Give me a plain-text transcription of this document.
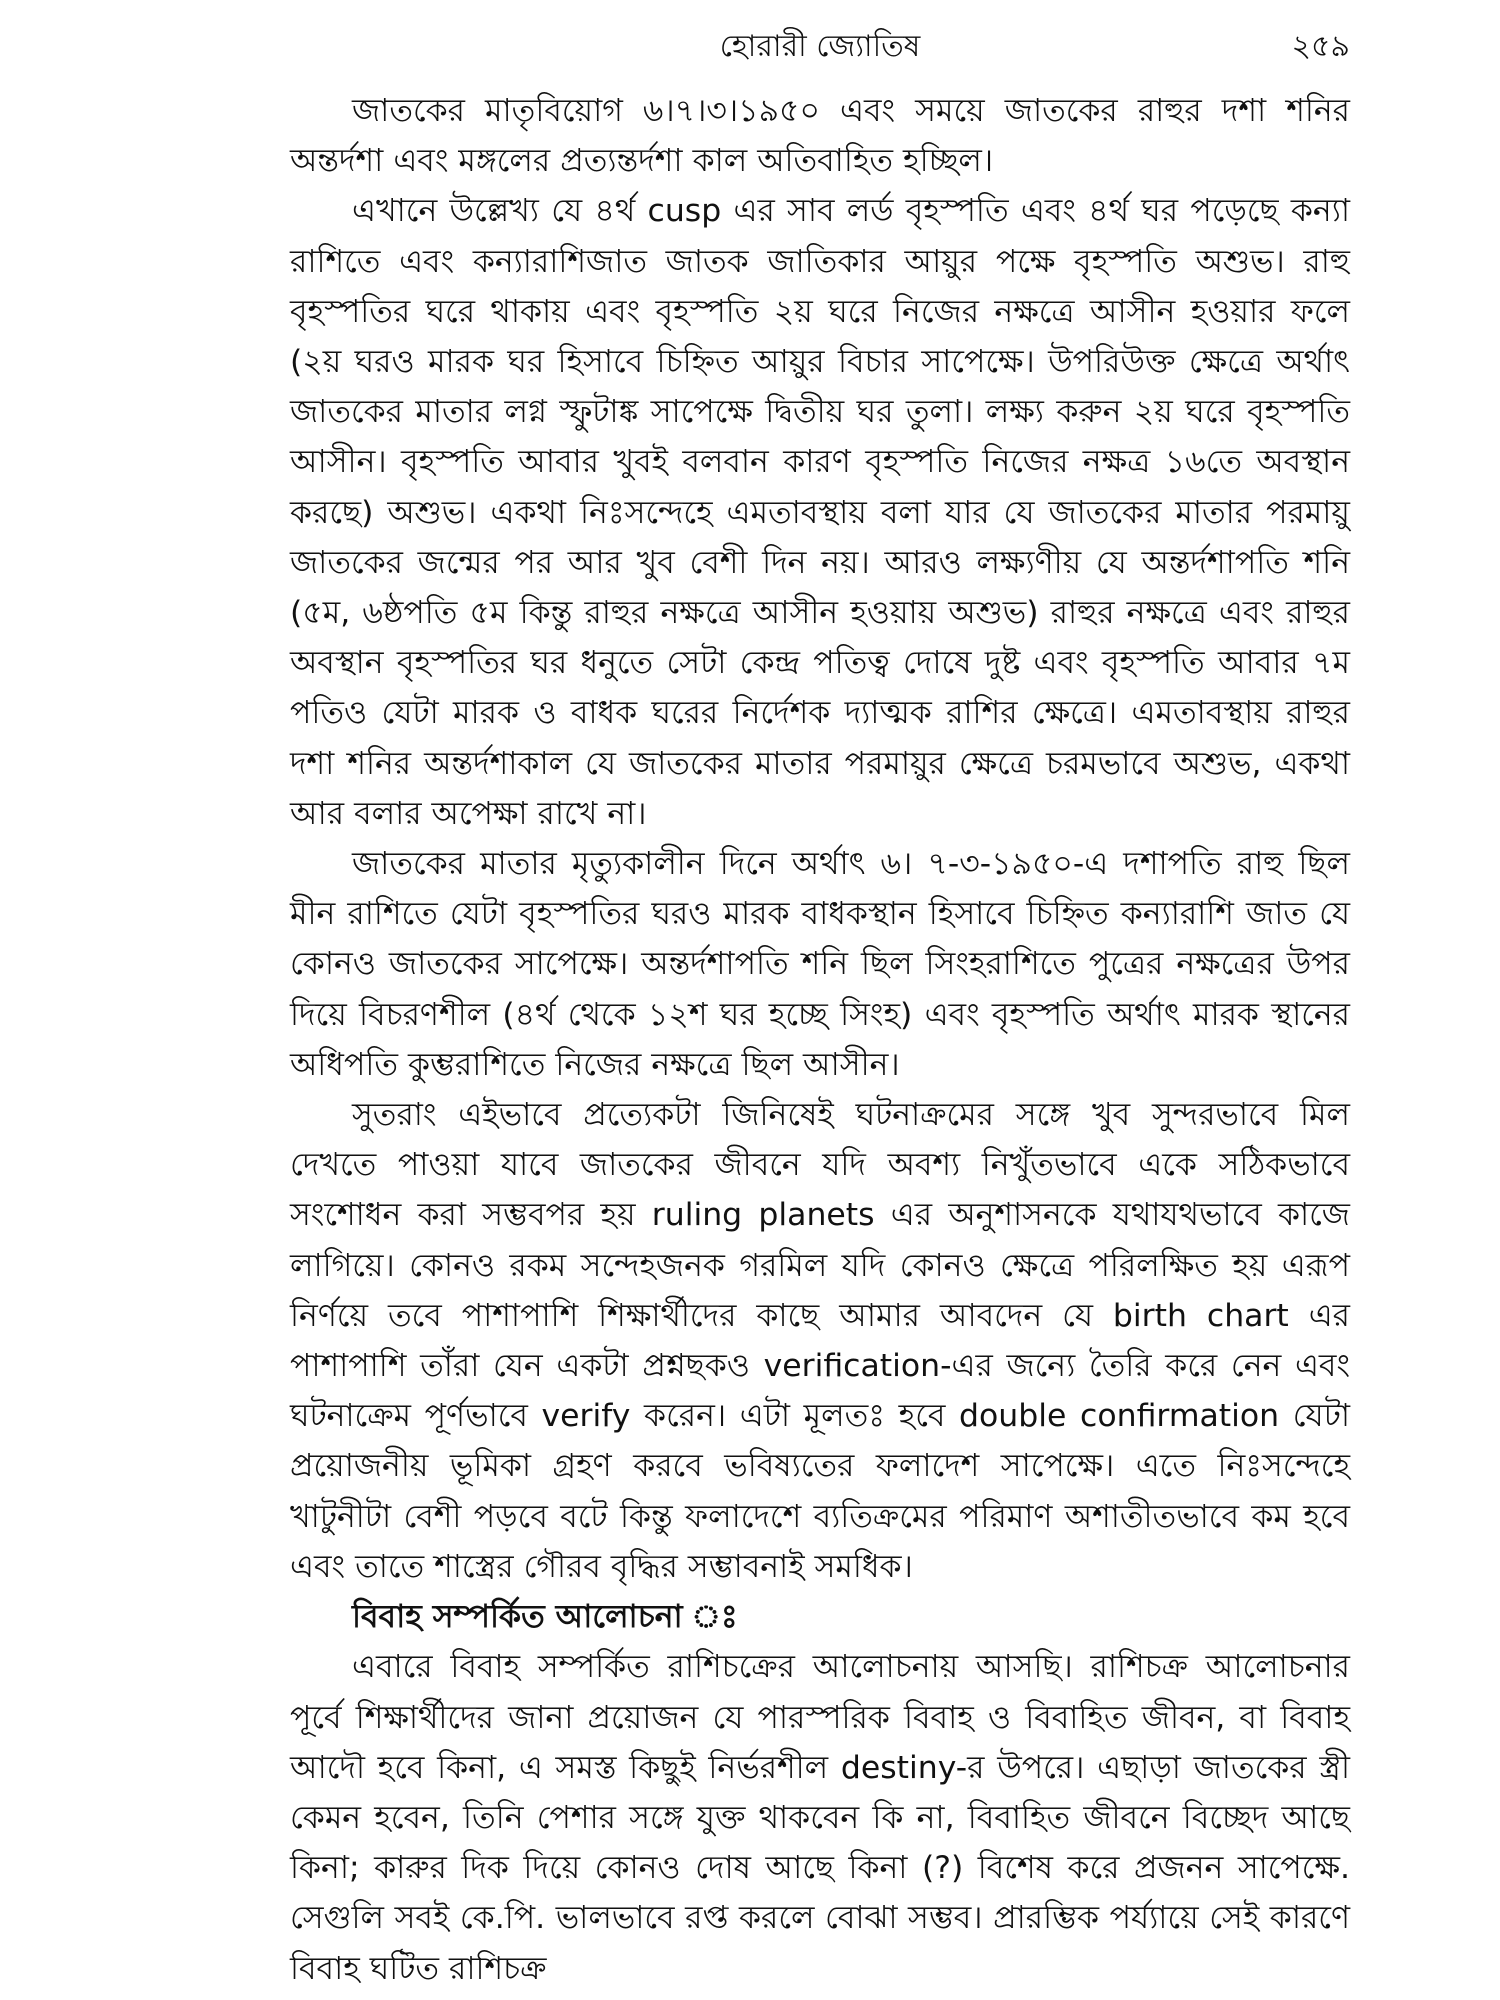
হোরারী জ্যোতিষ	২৫৯

জাতকের মাতৃবিয়োগ ৬।৭।৩।১৯৫০ এবং সময়ে জাতকের রাহুর দশা শনির অন্তর্দশা এবং মঙ্গলের প্রত্যন্তর্দশা কাল অতিবাহিত হচ্ছিল।

এখানে উল্লেখ্য যে ৪র্থ cusp এর সাব লর্ড বৃহস্পতি এবং ৪র্থ ঘর পড়েছে কন্যা রাশিতে এবং কন্যারাশিজাত জাতক জাতিকার আয়ুর পক্ষে বৃহস্পতি অশুভ। রাহু বৃহস্পতির ঘরে থাকায় এবং বৃহস্পতি ২য় ঘরে নিজের নক্ষত্রে আসীন হওয়ার ফলে (২য় ঘরও মারক ঘর হিসাবে চিহ্নিত আয়ুর বিচার সাপেক্ষে। উপরিউক্ত ক্ষেত্রে অর্থাৎ জাতকের মাতার লগ্ন স্ফুটাঙ্ক সাপেক্ষে দ্বিতীয় ঘর তুলা। লক্ষ্য করুন ২য় ঘরে বৃহস্পতি আসীন। বৃহস্পতি আবার খুবই বলবান কারণ বৃহস্পতি নিজের নক্ষত্র ১৬তে অবস্থান করছে) অশুভ। একথা নিঃসন্দেহে এমতাবস্থায় বলা যার যে জাতকের মাতার পরমায়ু জাতকের জন্মের পর আর খুব বেশী দিন নয়। আরও লক্ষ্যণীয় যে অন্তর্দশাপতি শনি (৫ম, ৬ষ্ঠপতি ৫ম কিন্তু রাহুর নক্ষত্রে আসীন হওয়ায় অশুভ) রাহুর নক্ষত্রে এবং রাহুর অবস্থান বৃহস্পতির ঘর ধনুতে সেটা কেন্দ্র পতিত্ব দোষে দুষ্ট এবং বৃহস্পতি আবার ৭ম পতিও যেটা মারক ও বাধক ঘরের নির্দেশক দ্যাত্মক রাশির ক্ষেত্রে। এমতাবস্থায় রাহুর দশা শনির অন্তর্দশাকাল যে জাতকের মাতার পরমায়ুর ক্ষেত্রে চরমভাবে অশুভ, একথা আর বলার অপেক্ষা রাখে না।

জাতকের মাতার মৃত্যুকালীন দিনে অর্থাৎ ৬। ৭-৩-১৯৫০-এ দশাপতি রাহু ছিল মীন রাশিতে যেটা বৃহস্পতির ঘরও মারক বাধকস্থান হিসাবে চিহ্নিত কন্যারাশি জাত যে কোনও জাতকের সাপেক্ষে। অন্তর্দশাপতি শনি ছিল সিংহরাশিতে পুত্রের নক্ষত্রের উপর দিয়ে বিচরণশীল (৪র্থ থেকে ১২শ ঘর হচ্ছে সিংহ) এবং বৃহস্পতি অর্থাৎ মারক স্থানের অধিপতি কুম্ভরাশিতে নিজের নক্ষত্রে ছিল আসীন।

সুতরাং এইভাবে প্রত্যেকটা জিনিষেই ঘটনাক্রমের সঙ্গে খুব সুন্দরভাবে মিল দেখতে পাওয়া যাবে জাতকের জীবনে যদি অবশ্য নিখুঁতভাবে একে সঠিকভাবে সংশোধন করা সম্ভবপর হয় ruling planets এর অনুশাসনকে যথাযথভাবে কাজে লাগিয়ে। কোনও রকম সন্দেহজনক গরমিল যদি কোনও ক্ষেত্রে পরিলক্ষিত হয় এরূপ নির্ণয়ে তবে পাশাপাশি শিক্ষার্থীদের কাছে আমার আবদেন যে birth chart এর পাশাপাশি তাঁরা যেন একটা প্রশ্নছকও verification-এর জন্যে তৈরি করে নেন এবং ঘটনাক্রেম পূর্ণভাবে verify করেন। এটা মূলতঃ হবে double confirmation যেটা প্রয়োজনীয় ভূমিকা গ্রহণ করবে ভবিষ্যতের ফলাদেশ সাপেক্ষে। এতে নিঃসন্দেহে খাটুনীটা বেশী পড়বে বটে কিন্তু ফলাদেশে ব্যতিক্রমের পরিমাণ অশাতীতভাবে কম হবে এবং তাতে শাস্ত্রের গৌরব বৃদ্ধির সম্ভাবনাই সমধিক।

বিবাহ সম্পর্কিত আলোচনা ঃ

এবারে বিবাহ সম্পর্কিত রাশিচক্রের আলোচনায় আসছি। রাশিচক্র আলোচনার পূর্বে শিক্ষার্থীদের জানা প্রয়োজন যে পারস্পরিক বিবাহ ও বিবাহিত জীবন, বা বিবাহ আদৌ হবে কিনা, এ সমস্ত কিছুই নির্ভরশীল destiny-র উপরে। এছাড়া জাতকের স্ত্রী কেমন হবেন, তিনি পেশার সঙ্গে যুক্ত থাকবেন কি না, বিবাহিত জীবনে বিচ্ছেদ আছে কিনা; কারুর দিক দিয়ে কোনও দোষ আছে কিনা (?) বিশেষ করে প্রজনন সাপেক্ষে. সেগুলি সবই কে.পি. ভালভাবে রপ্ত করলে বোঝা সম্ভব। প্রারম্ভিক পর্য্যায়ে সেই কারণে বিবাহ ঘটিত রাশিচক্র
